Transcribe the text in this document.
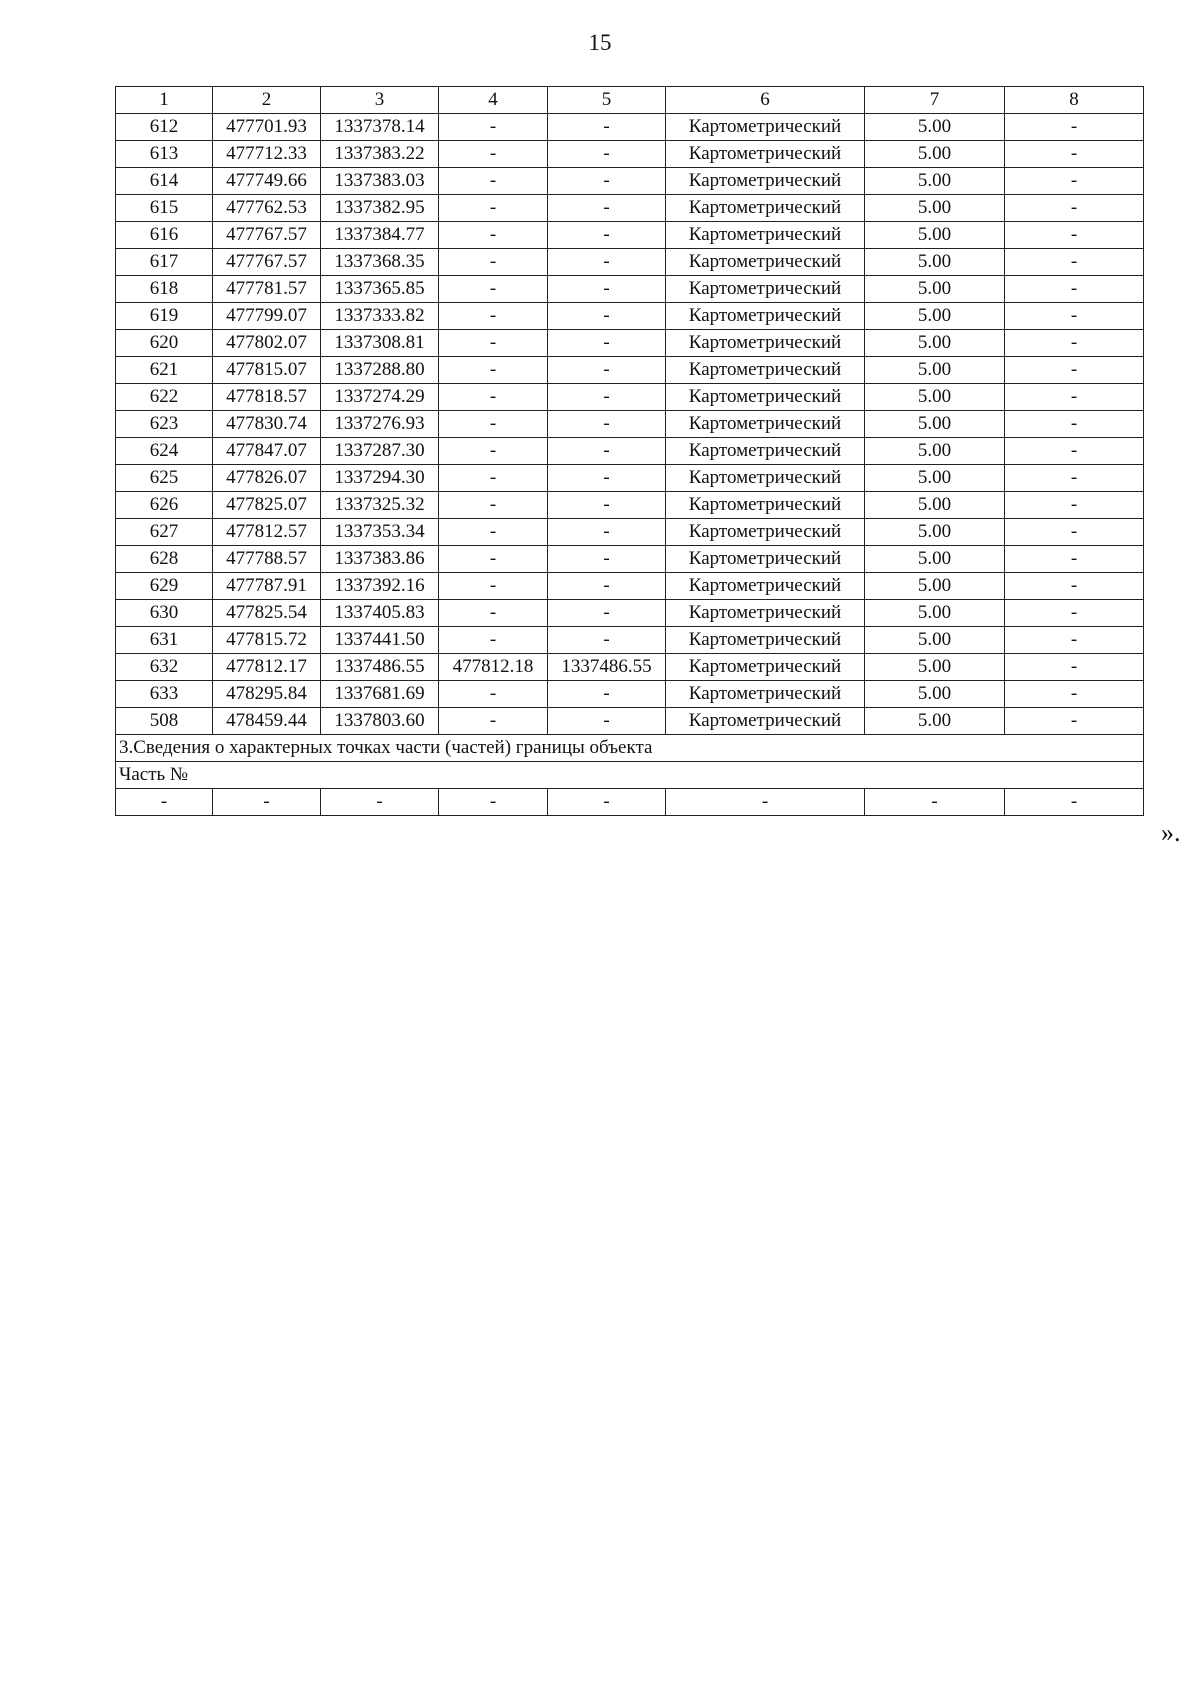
15
1	2	3	4	5	6	7	8
612	477701.93	1337378.14	-	-	Картометрический	5.00	-
613	477712.33	1337383.22	-	-	Картометрический	5.00	-
614	477749.66	1337383.03	-	-	Картометрический	5.00	-
615	477762.53	1337382.95	-	-	Картометрический	5.00	-
616	477767.57	1337384.77	-	-	Картометрический	5.00	-
617	477767.57	1337368.35	-	-	Картометрический	5.00	-
618	477781.57	1337365.85	-	-	Картометрический	5.00	-
619	477799.07	1337333.82	-	-	Картометрический	5.00	-
620	477802.07	1337308.81	-	-	Картометрический	5.00	-
621	477815.07	1337288.80	-	-	Картометрический	5.00	-
622	477818.57	1337274.29	-	-	Картометрический	5.00	-
623	477830.74	1337276.93	-	-	Картометрический	5.00	-
624	477847.07	1337287.30	-	-	Картометрический	5.00	-
625	477826.07	1337294.30	-	-	Картометрический	5.00	-
626	477825.07	1337325.32	-	-	Картометрический	5.00	-
627	477812.57	1337353.34	-	-	Картометрический	5.00	-
628	477788.57	1337383.86	-	-	Картометрический	5.00	-
629	477787.91	1337392.16	-	-	Картометрический	5.00	-
630	477825.54	1337405.83	-	-	Картометрический	5.00	-
631	477815.72	1337441.50	-	-	Картометрический	5.00	-
632	477812.17	1337486.55	477812.18	1337486.55	Картометрический	5.00	-
633	478295.84	1337681.69	-	-	Картометрический	5.00	-
508	478459.44	1337803.60	-	-	Картометрический	5.00	-
3.Сведения о характерных точках части (частей) границы объекта							
Часть №							
-	-	-	-	-	-	-	-
».
